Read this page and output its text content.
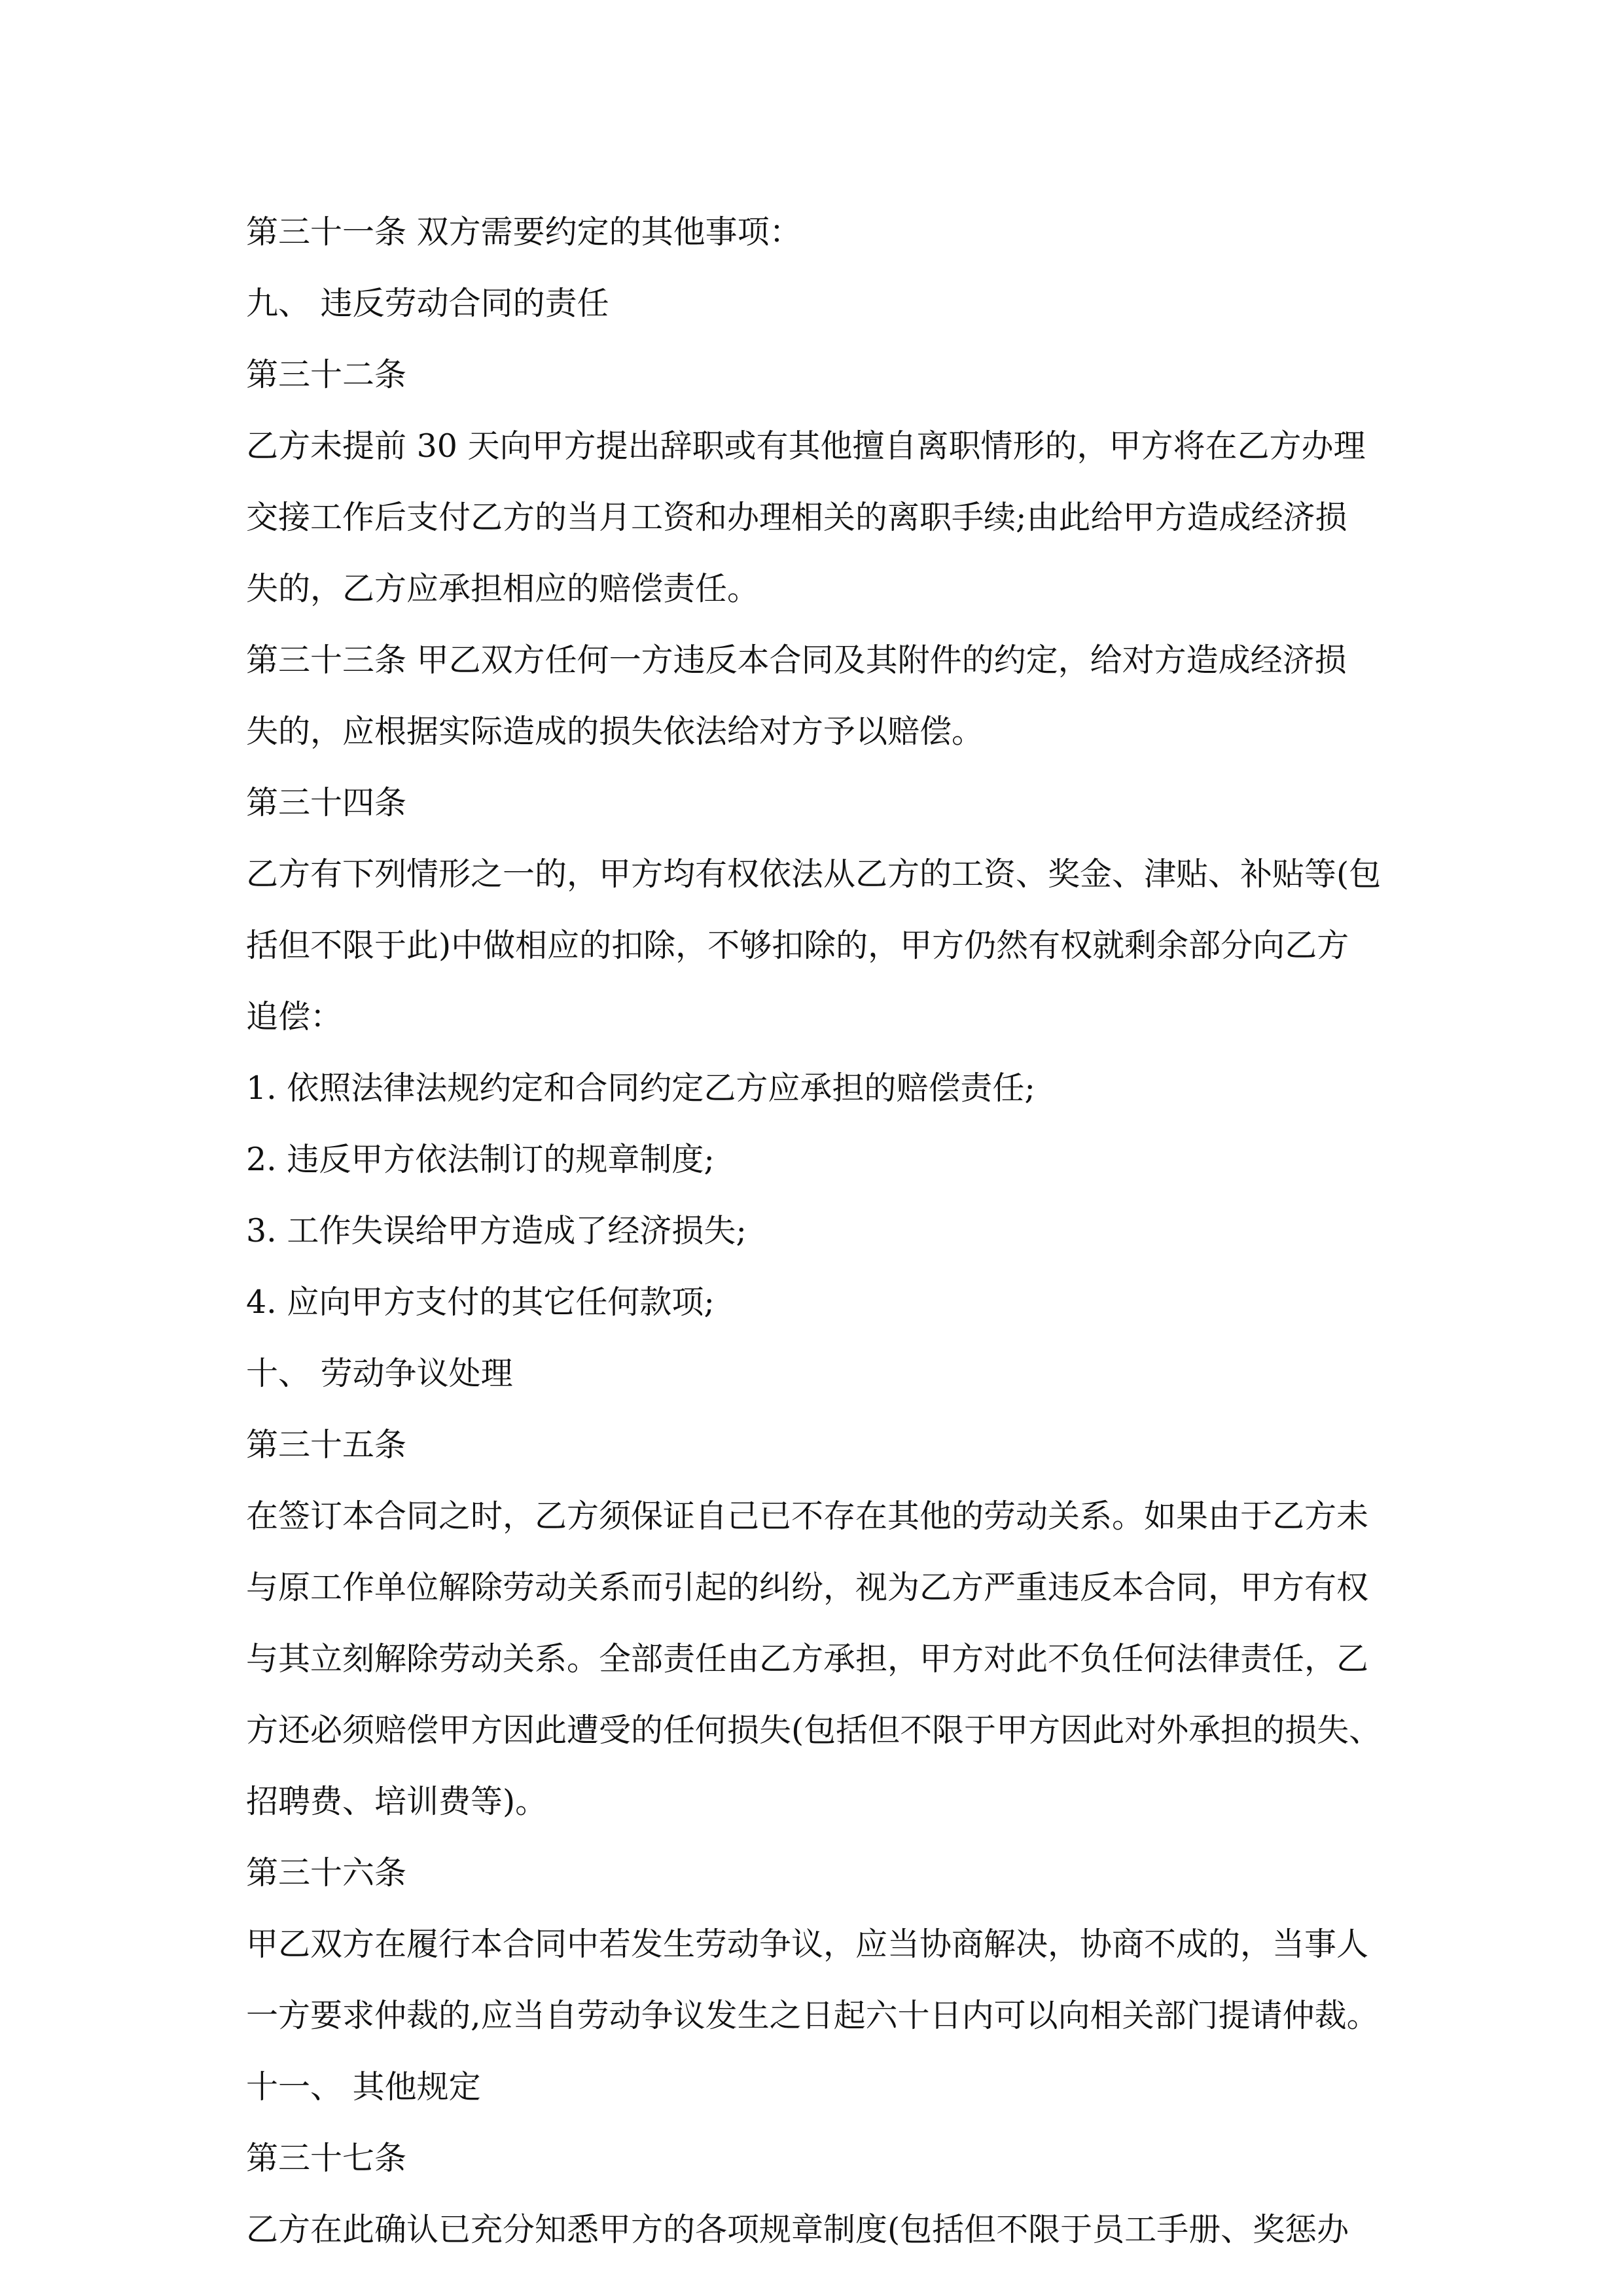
第三十一条 双方需要约定的其他事项：
九、 违反劳动合同的责任
第三十二条
乙方未提前 30 天向甲方提出辞职或有其他擅自离职情形的，甲方将在乙方办理
交接工作后支付乙方的当月工资和办理相关的离职手续;由此给甲方造成经济损
失的，乙方应承担相应的赔偿责任。
第三十三条 甲乙双方任何一方违反本合同及其附件的约定，给对方造成经济损
失的，应根据实际造成的损失依法给对方予以赔偿。
第三十四条
乙方有下列情形之一的，甲方均有权依法从乙方的工资、奖金、津贴、补贴等(包
括但不限于此)中做相应的扣除，不够扣除的，甲方仍然有权就剩余部分向乙方
追偿：
1. 依照法律法规约定和合同约定乙方应承担的赔偿责任;
2. 违反甲方依法制订的规章制度;
3. 工作失误给甲方造成了经济损失;
4. 应向甲方支付的其它任何款项;
十、 劳动争议处理
第三十五条
在签订本合同之时，乙方须保证自己已不存在其他的劳动关系。如果由于乙方未
与原工作单位解除劳动关系而引起的纠纷，视为乙方严重违反本合同，甲方有权
与其立刻解除劳动关系。全部责任由乙方承担，甲方对此不负任何法律责任，乙
方还必须赔偿甲方因此遭受的任何损失(包括但不限于甲方因此对外承担的损失、
招聘费、培训费等)。
第三十六条
甲乙双方在履行本合同中若发生劳动争议，应当协商解决，协商不成的，当事人
一方要求仲裁的,应当自劳动争议发生之日起六十日内可以向相关部门提请仲裁。
十一、 其他规定
第三十七条
乙方在此确认已充分知悉甲方的各项规章制度(包括但不限于员工手册、奖惩办
